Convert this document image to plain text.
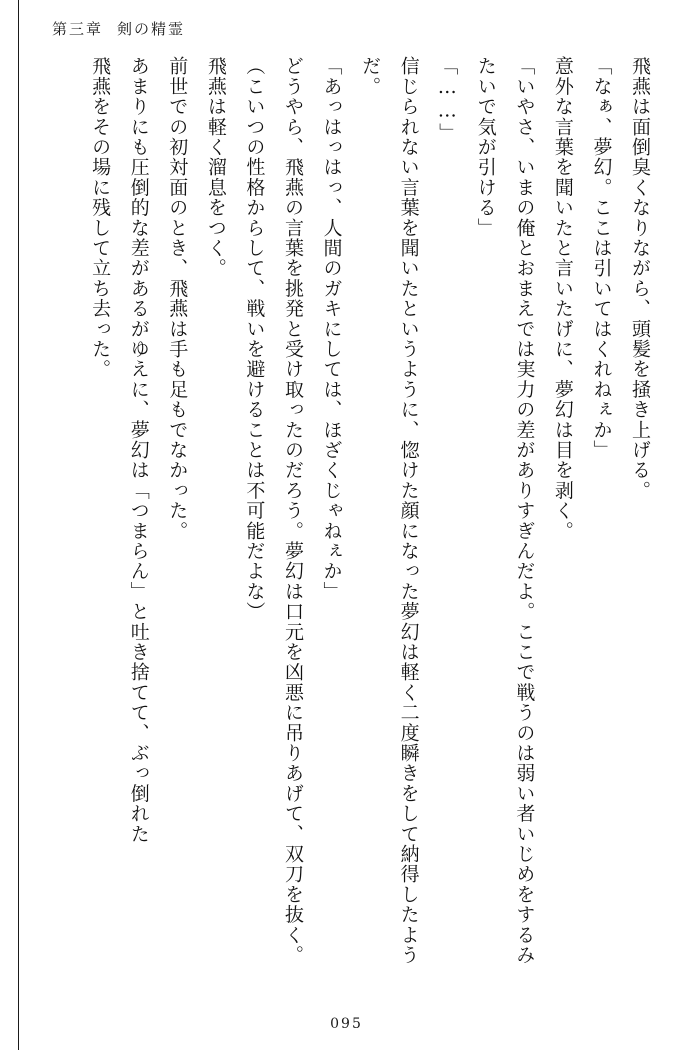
第三章 剣の精霊

飛燕は面倒臭くなりながら、頭髪を掻き上げる。

「なぁ、夢幻。ここは引いてはくれねぇか」

意外な言葉を聞いたと言いたげに、夢幻は目を剥く。

「いやさ、いまの俺とおまえでは実力の差がありすぎんだよ。ここで戦うのは弱い者いじめをするみたいで気が引ける」

「……」

信じられない言葉を聞いたというように、惚けた顔になった夢幻は軽く二度瞬きをして納得したようだ。

「あっはっはっ、人間のガキにしては、ほざくじゃねぇか」

どうやら、飛燕の言葉を挑発と受け取ったのだろう。夢幻は口元を凶悪に吊りあげて、双刀を抜く。

（こいつの性格からして、戦いを避けることは不可能だよな）

飛燕は軽く溜息をつく。

前世での初対面のとき、飛燕は手も足もでなかった。

あまりにも圧倒的な差があるがゆえに、夢幻は「つまらん」と吐き捨てて、ぶっ倒れた

飛燕をその場に残して立ち去った。

095
